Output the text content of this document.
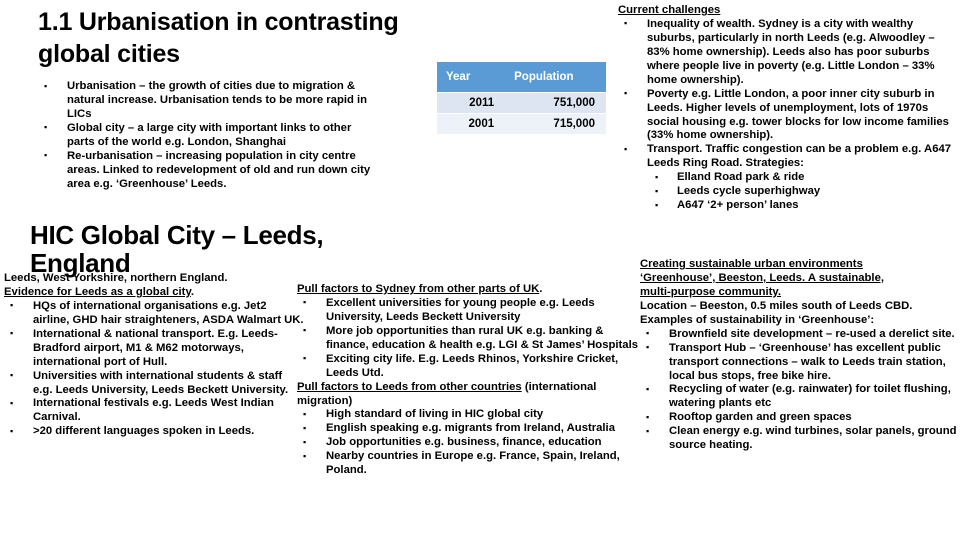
1.1 Urbanisation in contrasting global cities
▪ Urbanisation – the growth of cities due to migration & natural increase. Urbanisation tends to be more rapid in LICs
▪ Global city – a large city with important links to other parts of the world e.g. London, Shanghai
▪ Re-urbanisation – increasing population in city centre areas. Linked to redevelopment of old and run down city area e.g. ‘Greenhouse’ Leeds.
Year	Population
2011	751,000
2001	715,000
HIC Global City – Leeds, England

Leeds, West Yorkshire, northern England.

Evidence for Leeds as a global city.

▪ HQs of international organisations e.g. Jet2 airline, GHD hair straighteners, ASDA Walmart UK.
▪ International & national transport. E.g. Leeds-Bradford airport, M1 & M62 motorways, international port of Hull.
▪ Universities with international students & staff e.g. Leeds University, Leeds Beckett University.
▪ International festivals e.g. Leeds West Indian Carnival.
▪ >20 different languages spoken in Leeds.

Pull factors to Sydney from other parts of UK.

▪ Excellent universities for young people e.g. Leeds University, Leeds Beckett University
▪ More job opportunities than rural UK e.g. banking & finance, education & health e.g. LGI & St James’ Hospitals
▪ Exciting city life. E.g. Leeds Rhinos, Yorkshire Cricket, Leeds Utd.

Pull factors to Leeds from other countries (international migration)

▪ High standard of living in HIC global city
▪ English speaking e.g. migrants from Ireland, Australia
▪ Job opportunities e.g. business, finance, education
▪ Nearby countries in Europe e.g. France, Spain, Ireland, Poland.

Current challenges

▪ Inequality of wealth. Sydney is a city with wealthy suburbs, particularly in north Leeds (e.g. Alwoodley – 83% home ownership). Leeds also has poor suburbs where people live in poverty (e.g. Little London – 33% home ownership).
▪ Poverty e.g. Little London, a poor inner city suburb in Leeds. Higher levels of unemployment, lots of 1970s social housing e.g. tower blocks for low income families (33% home ownership).
▪ Transport. Traffic congestion can be a problem e.g. A647 Leeds Ring Road. Strategies:
▪ Elland Road park & ride
▪ Leeds cycle superhighway
▪ A647 ‘2+ person’ lanes

Creating sustainable urban environments

‘Greenhouse’, Beeston, Leeds. A sustainable,

multi-purpose community.

Location – Beeston, 0.5 miles south of Leeds CBD.

Examples of sustainability in ‘Greenhouse’:

▪ Brownfield site development – re-used a derelict site.
▪ Transport Hub – ‘Greenhouse’ has excellent public transport connections – walk to Leeds train station, local bus stops, free bike hire.
▪ Recycling of water (e.g. rainwater) for toilet flushing, watering plants etc
▪ Rooftop garden and green spaces
▪ Clean energy e.g. wind turbines, solar panels, ground source heating.
